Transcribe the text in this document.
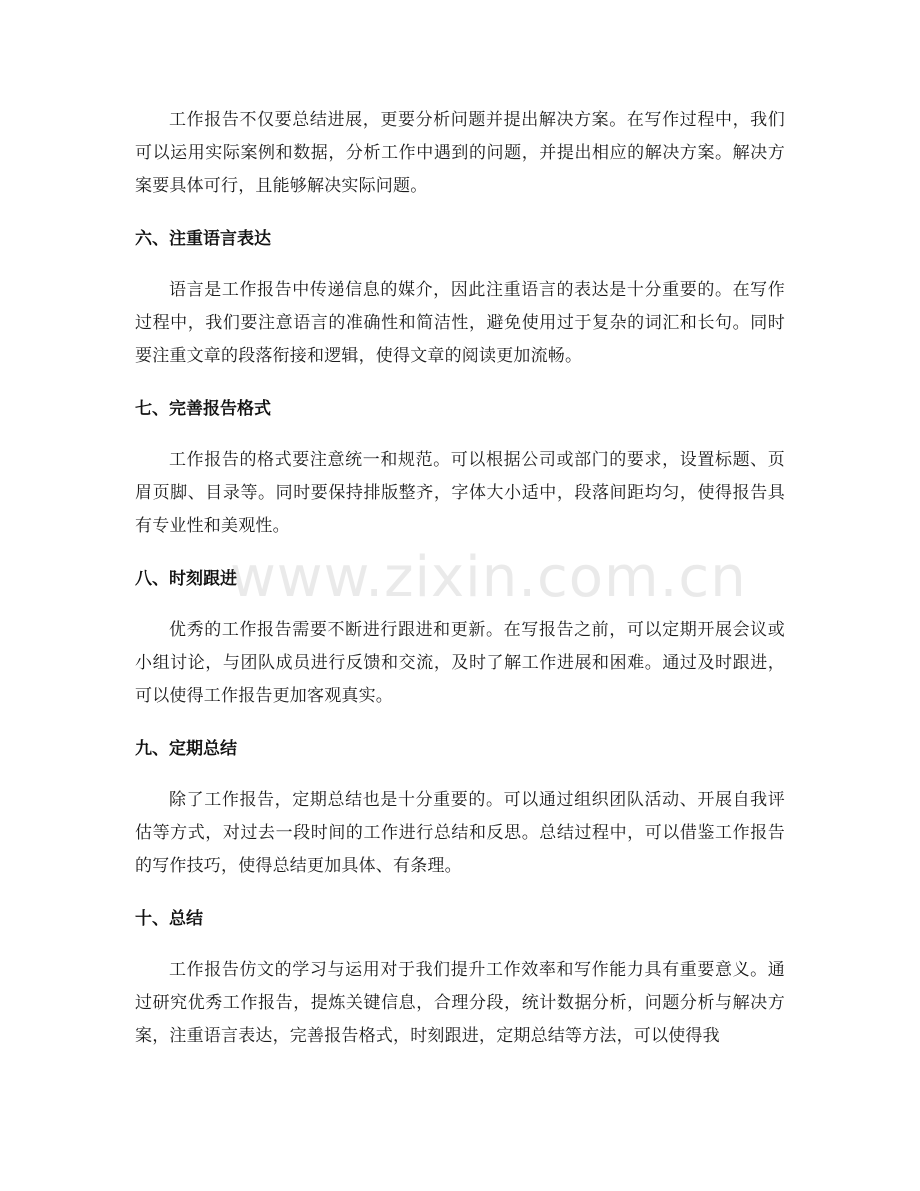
工作报告不仅要总结进展，更要分析问题并提出解决方案。在写作过程中，我们可以运用实际案例和数据，分析工作中遇到的问题，并提出相应的解决方案。解决方案要具体可行，且能够解决实际问题。

六、注重语言表达

语言是工作报告中传递信息的媒介，因此注重语言的表达是十分重要的。在写作过程中，我们要注意语言的准确性和简洁性，避免使用过于复杂的词汇和长句。同时要注重文章的段落衔接和逻辑，使得文章的阅读更加流畅。

七、完善报告格式

工作报告的格式要注意统一和规范。可以根据公司或部门的要求，设置标题、页眉页脚、目录等。同时要保持排版整齐，字体大小适中，段落间距均匀，使得报告具有专业性和美观性。

八、时刻跟进

优秀的工作报告需要不断进行跟进和更新。在写报告之前，可以定期开展会议或小组讨论，与团队成员进行反馈和交流，及时了解工作进展和困难。通过及时跟进，可以使得工作报告更加客观真实。

九、定期总结

除了工作报告，定期总结也是十分重要的。可以通过组织团队活动、开展自我评估等方式，对过去一段时间的工作进行总结和反思。总结过程中，可以借鉴工作报告的写作技巧，使得总结更加具体、有条理。

十、总结

工作报告仿文的学习与运用对于我们提升工作效率和写作能力具有重要意义。通过研究优秀工作报告，提炼关键信息，合理分段，统计数据分析，问题分析与解决方案，注重语言表达，完善报告格式，时刻跟进，定期总结等方法，可以使得我

www.zixin.com.cn
